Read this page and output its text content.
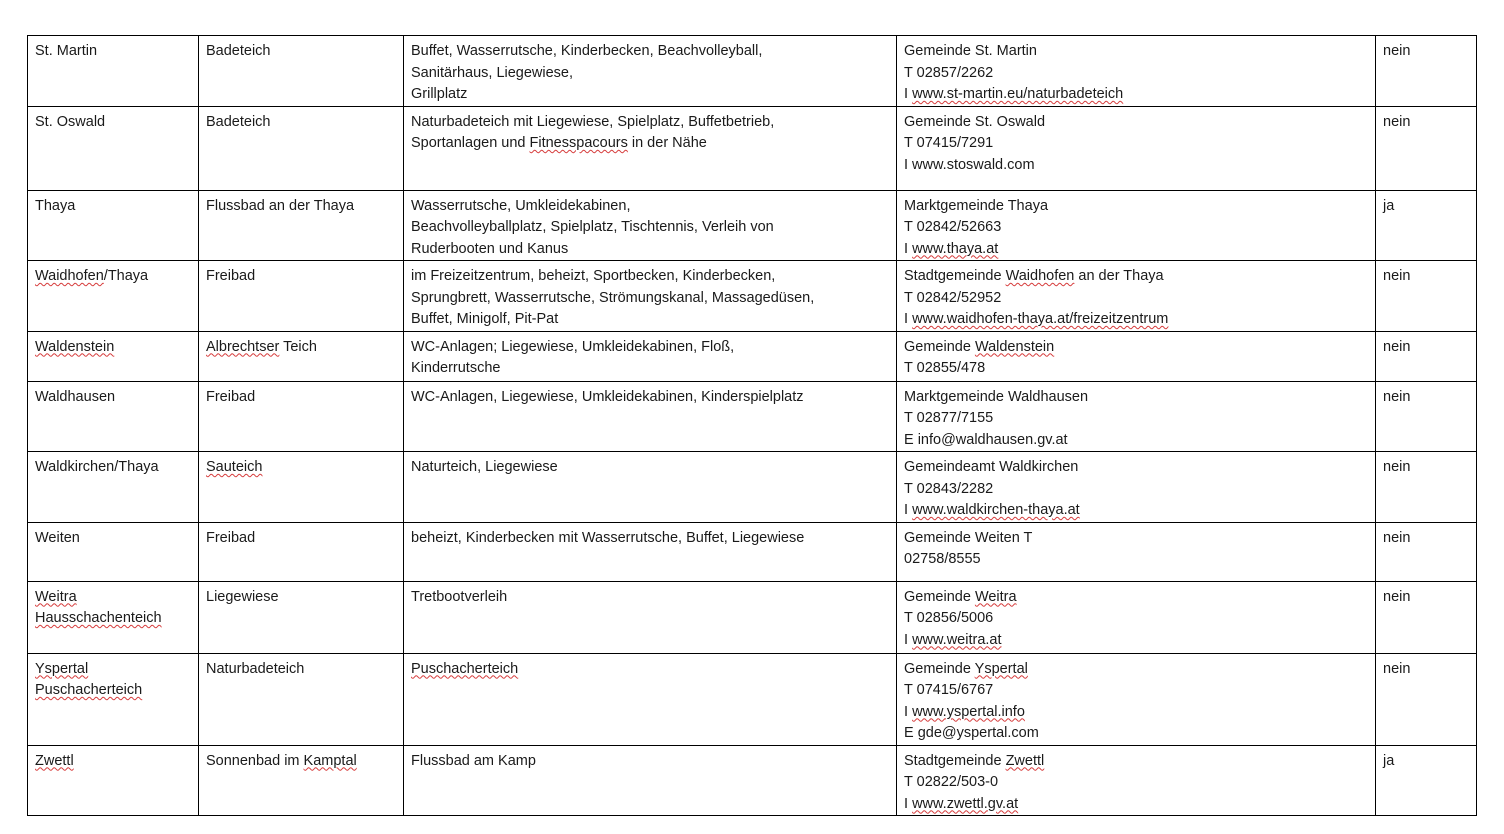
St. Martin	Badeteich	Buffet, Wasserrutsche, Kinderbecken, Beachvolleyball,
Sanitärhaus, Liegewiese,
Grillplatz	Gemeinde St. Martin
T 02857/2262
I www.st-martin.eu/naturbadeteich	nein

St. Oswald	Badeteich	Naturbadeteich mit Liegewiese, Spielplatz, Buffetbetrieb,
Sportanlagen und Fitnesspacours in der Nähe	Gemeinde St. Oswald
T 07415/7291
I www.stoswald.com	nein

Thaya	Flussbad an der Thaya	Wasserrutsche, Umkleidekabinen,
Beachvolleyballplatz, Spielplatz, Tischtennis, Verleih von
Ruderbooten und Kanus	Marktgemeinde Thaya
T 02842/52663
I www.thaya.at	ja

Waidhofen/Thaya	Freibad	im Freizeitzentrum, beheizt, Sportbecken, Kinderbecken,
Sprungbrett, Wasserrutsche, Strömungskanal, Massagedüsen,
Buffet, Minigolf, Pit-Pat	Stadtgemeinde Waidhofen an der Thaya
T 02842/52952
I www.waidhofen-thaya.at/freizeitzentrum	nein

Waldenstein	Albrechtser Teich	WC-Anlagen; Liegewiese, Umkleidekabinen, Floß,
Kinderrutsche	Gemeinde Waldenstein
T 02855/478	nein

Waldhausen	Freibad	WC-Anlagen, Liegewiese, Umkleidekabinen, Kinderspielplatz	Marktgemeinde Waldhausen
T 02877/7155
E info@waldhausen.gv.at	nein

Waldkirchen/Thaya	Sauteich	Naturteich, Liegewiese	Gemeindeamt Waldkirchen
T 02843/2282
I www.waldkirchen-thaya.at	nein

Weiten	Freibad	beheizt, Kinderbecken mit Wasserrutsche, Buffet, Liegewiese	Gemeinde Weiten T
02758/8555	nein

Weitra
Hausschachenteich	Liegewiese	Tretbootverleih	Gemeinde Weitra
T 02856/5006
I www.weitra.at	nein

Yspertal
Puschacherteich	Naturbadeteich	Puschacherteich	Gemeinde Yspertal
T 07415/6767
I www.yspertal.info
E gde@yspertal.com	nein

Zwettl	Sonnenbad im Kamptal	Flussbad am Kamp	Stadtgemeinde Zwettl
T 02822/503-0
I www.zwettl.gv.at	ja
